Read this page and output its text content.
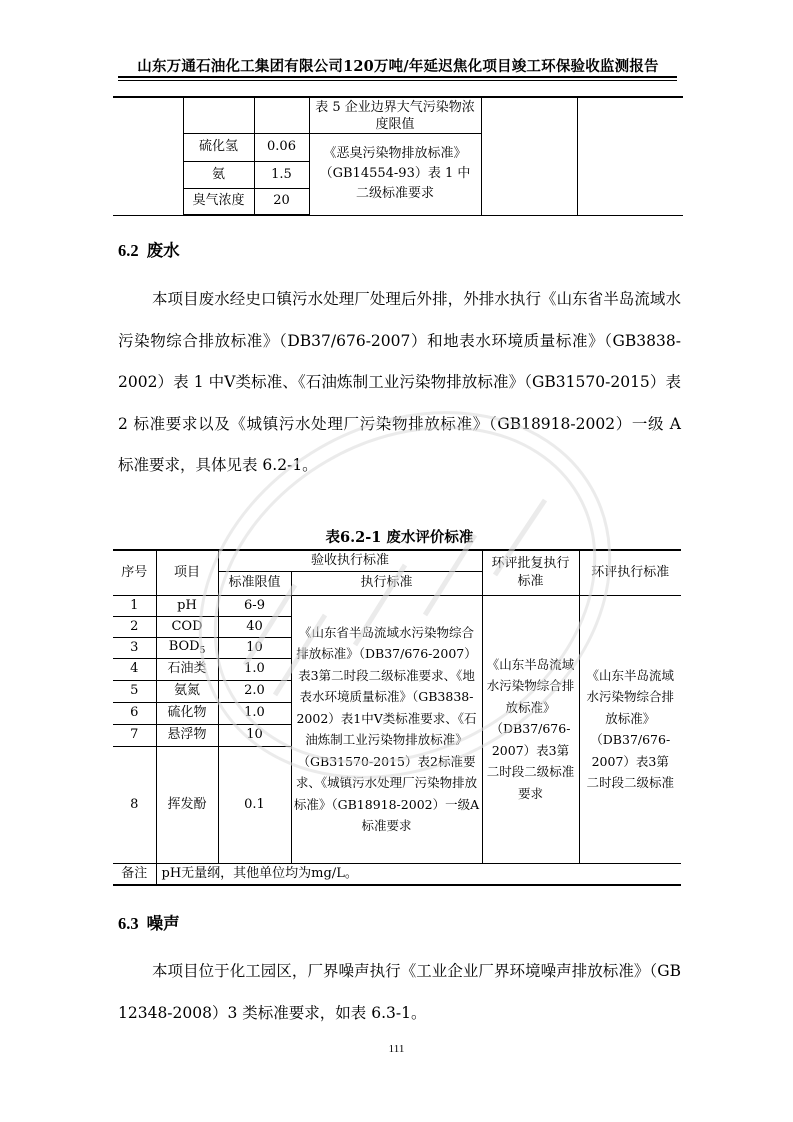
山东万通石油化工集团有限公司120万吨/年延迟焦化项目竣工环保验收监测报告
			表 5 企业边界大气污染物浓度限值		
	硫化氢	0.06	《恶臭污染物排放标准》（GB14554-93）表 1 中二级标准要求		
	氨	1.5			
	臭气浓度	20			
6.2 废水
本项目废水经史口镇污水处理厂处理后外排，外排水执行《山东省半岛流域水污染物综合排放标准》（DB37/676-2007）和地表水环境质量标准》（GB3838-2002）表 1 中Ⅴ类标准、《石油炼制工业污染物排放标准》（GB31570-2015）表 2 标准要求以及《城镇污水处理厂污染物排放标准》（GB18918-2002）一级 A 标准要求，具体见表 6.2-1。
表6.2-1 废水评价标准
序号	项目	验收执行标准		环评批复执行标准	环评执行标准
		标准限值	执行标准		
1	pH	6-9	《山东省半岛流域水污染物综合排放标准》（DB37/676-2007）表3第二时段二级标准要求、《地表水环境质量标准》（GB3838-2002）表1中Ⅴ类标准要求、《石油炼制工业污染物排放标准》（GB31570-2015）表2标准要求、《城镇污水处理厂污染物排放标准》（GB18918-2002）一级A标准要求	《山东半岛流域水污染物综合排放标准》（DB37/676-2007）表3第二时段二级标准要求	《山东半岛流域水污染物综合排放标准》（DB37/676-2007）表3第二时段二级标准
2	COD	40			
3	$BOD_5$	10			
4	石油类	1.0			
5	氨氮	2.0			
6	硫化物	1.0			
7	悬浮物	10			
8	挥发酚	0.1			
备注	pH无量纲，其他单位均为mg/L。				
6.3 噪声
本项目位于化工园区，厂界噪声执行《工业企业厂界环境噪声排放标准》（GB 12348-2008）3 类标准要求，如表 6.3-1。
111
